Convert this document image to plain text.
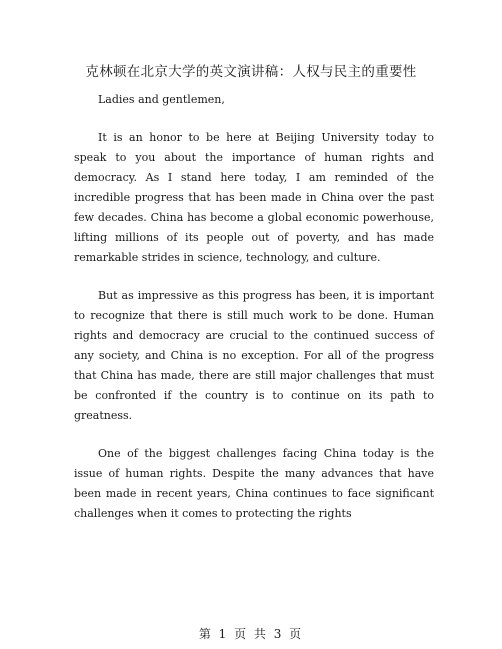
克林顿在北京大学的英文演讲稿：人权与民主的重要性

Ladies and gentlemen,

It is an honor to be here at Beijing University today to speak to you about the importance of human rights and democracy. As I stand here today, I am reminded of the incredible progress that has been made in China over the past few decades. China has become a global economic powerhouse, lifting millions of its people out of poverty, and has made remarkable strides in science, technology, and culture.

But as impressive as this progress has been, it is important to recognize that there is still much work to be done. Human rights and democracy are crucial to the continued success of any society, and China is no exception. For all of the progress that China has made, there are still major challenges that must be confronted if the country is to continue on its path to greatness.

One of the biggest challenges facing China today is the issue of human rights. Despite the many advances that have been made in recent years, China continues to face significant challenges when it comes to protecting the rights

第 1 页 共 3 页
